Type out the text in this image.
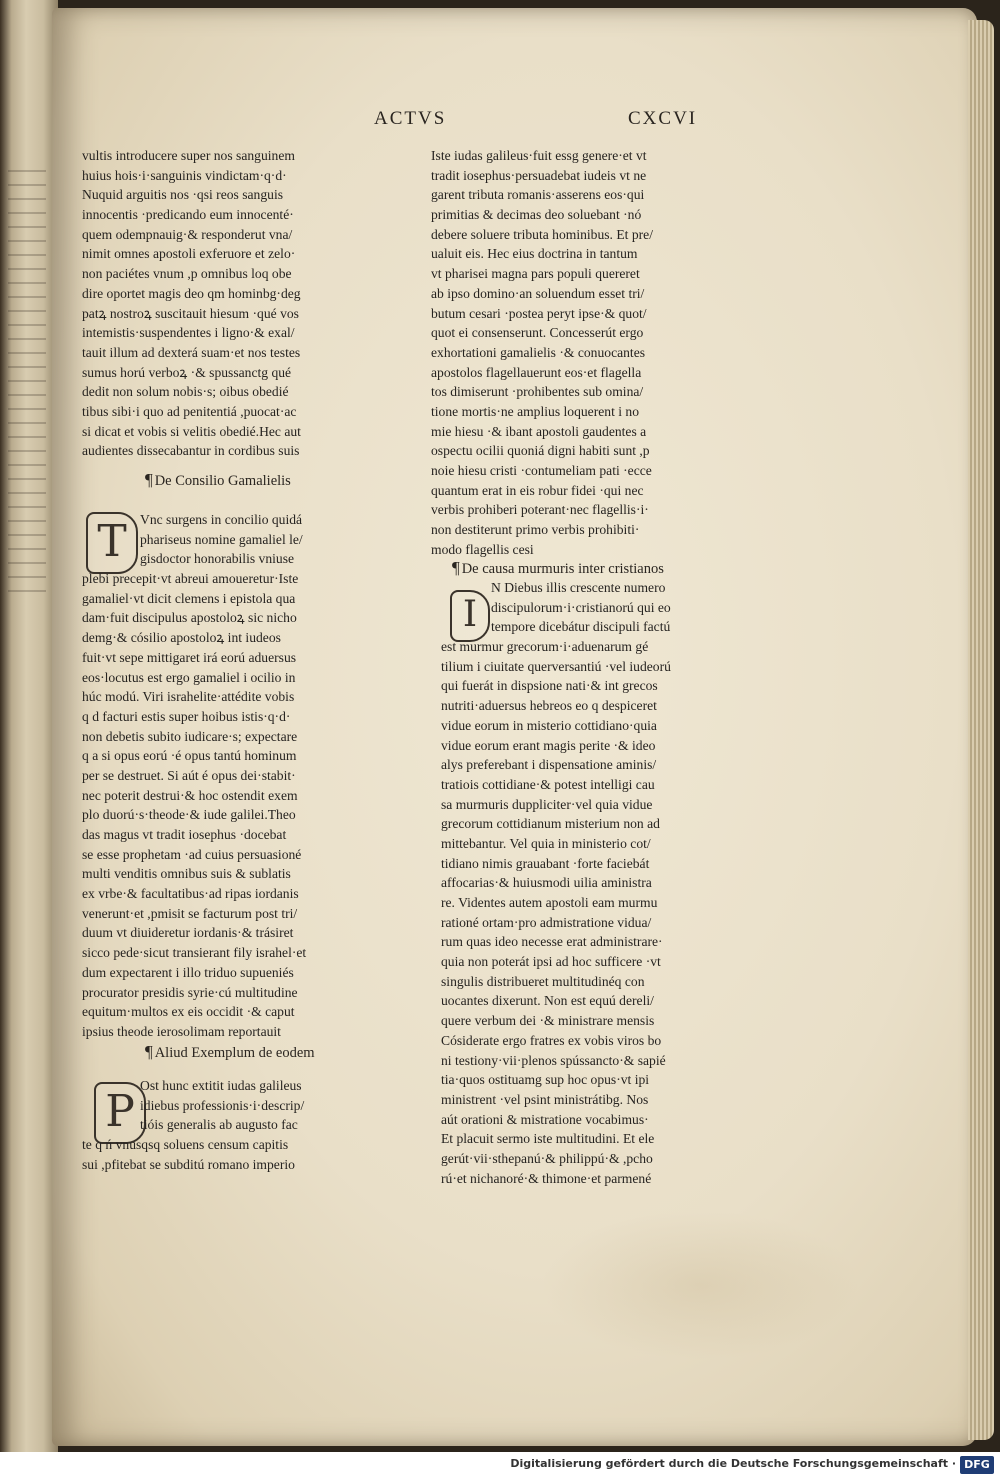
ACTVS	CXCVI
vultis introducere super nos sanguinem
huius hois·i·sanguinis vindictam·q·d·
Nuquid arguitis nos ·qsi reos sanguis
innocentis ·predicando eum innocenté·
quem odempnauig·& responderut vna/
nimit omnes apostoli exferuore et zelo·
non paciétes vnum ,p omnibus loq obe
dire oportet magis deo qm hominbg·deg
patꝝ nostroꝝ suscitauit hiesum ·qué vos
intemistis·suspendentes i ligno·& exal/
tauit illum ad dexterá suam·et nos testes
sumus horú verboꝝ ·& spussanctg qué
dedit non solum nobis·s; oibus obedié
tibus sibi·i quo ad penitentiá ,puocat·ac
si dicat et vobis si velitis obedié.Hec aut
audientes dissecabantur in cordibus suis
¶ De Consilio Gamalielis
T Vnc surgens in concilio quidá
phariseus nomine gamaliel le/
gisdoctor honorabilis vniuse
plebi precepit·vt abreui amoueretur·Iste
gamaliel·vt dicit clemens i epistola qua
dam·fuit discipulus apostoloꝝ sic nicho
demg·& cósilio apostoloꝝ int iudeos
fuit·vt sepe mittigaret irá eorú aduersus
eos·locutus est ergo gamaliel i ocilio in
húc modú. Viri israhelite·attédite vobis
q d facturi estis super hoibus istis·q·d·
non debetis subito iudicare·s; expectare
q a si opus eorú ·é opus tantú hominum
per se destruet. Si aút é opus dei·stabit·
nec poterit destrui·& hoc ostendit exem
plo duorú·s·theode·& iude galilei.Theo
das magus vt tradit iosephus ·docebat
se esse prophetam ·ad cuius persuasioné
multi venditis omnibus suis & sublatis
ex vrbe·& facultatibus·ad ripas iordanis
venerunt·et ,pmisit se facturum post tri/
duum vt diuideretur iordanis·& trásiret
sicco pede·sicut transierant fily israhel·et
dum expectarent i illo triduo supueniés
procurator presidis syrie·cú multitudine
equitum·multos ex eis occidit ·& caput
ipsius theode ierosolimam reportauit
¶ Aliud Exemplum de eodem
P
Ost hunc extitit iudas galileus
idiebus professionis·i·descrip/
tióis generalis ab augusto fac
te q ń vnusqsq soluens censum capitis
sui ,pfitebat se subditú romano imperio
Iste iudas galileus·fuit essg genere·et vt
tradit iosephus·persuadebat iudeis vt ne
garent tributa romanis·asserens eos·qui
primitias & decimas deo soluebant ·nó
debere soluere tributa hominibus. Et pre/
ualuit eis. Hec eius doctrina in tantum
vt pharisei magna pars populi quereret
ab ipso domino·an soluendum esset tri/
butum cesari ·postea peryt ipse·& quot/
quot ei consenserunt. Concesserút ergo
exhortationi gamalielis ·& conuocantes
apostolos flagellauerunt eos·et flagella
tos dimiserunt ·prohibentes sub omina/
tione mortis·ne amplius loquerent i no
mie hiesu ·& ibant apostoli gaudentes a
ospectu ocilii quoniá digni habiti sunt ,p
noie hiesu cristi ·contumeliam pati ·ecce
quantum erat in eis robur fidei ·qui nec
verbis prohiberi poterant·nec flagellis·i·
non destiterunt primo verbis prohibiti·
modo flagellis cesi
¶ De causa murmuris inter cristianos
I
N Diebus illis crescente numero
discipulorum·i·cristianorú qui eo
tempore dicebátur discipuli factú
est murmur grecorum·i·aduenarum gé
tilium i ciuitate querversantiú ·vel iudeorú
qui fuerát in dispsione nati·& int grecos
nutriti·aduersus hebreos eo q despiceret
vidue eorum in misterio cottidiano·quia
vidue eorum erant magis perite ·& ideo
alys preferebant i dispensatione aminis/
tratiois cottidiane·& potest intelligi cau
sa murmuris duppliciter·vel quia vidue
grecorum cottidianum misterium non ad
mittebantur. Vel quia in ministerio cot/
tidiano nimis grauabant ·forte faciebát
affocarias·& huiusmodi uilia aministra
re. Videntes autem apostoli eam murmu
rationé ortam·pro admistratione vidua/
rum quas ideo necesse erat administrare·
quia non poterát ipsi ad hoc sufficere ·vt
singulis distribueret multitudinéq con
uocantes dixerunt. Non est equú dereli/
quere verbum dei ·& ministrare mensis
Cósiderate ergo fratres ex vobis viros bo
ni testiony·vii·plenos spússancto·& sapié
tia·quos ostituamg sup hoc opus·vt ipi
ministrent ·vel psint ministrátibg. Nos
aút orationi & mistratione vocabimus·
Et placuit sermo iste multitudini. Et ele
gerút·vii·sthepanú·& philippú·& ,pcho
rú·et nichanoré·& thimone·et parmené
Digitalisierung gefördert durch die Deutsche Forschungsgemeinschaft · DFG
